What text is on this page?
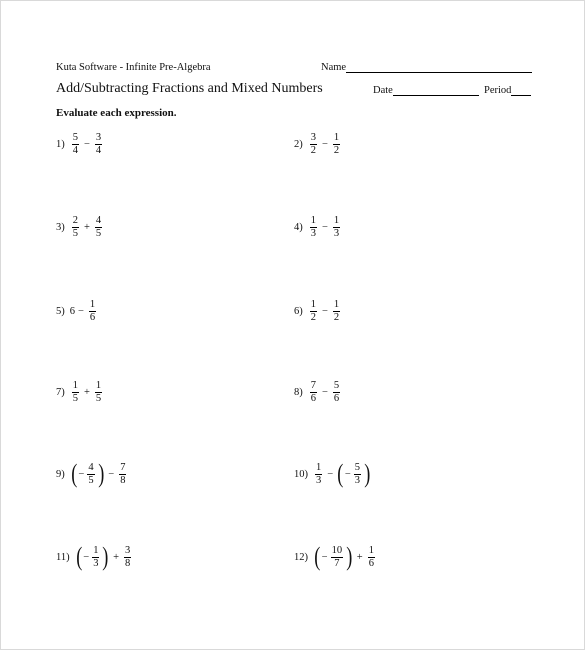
Kuta Software - Infinite Pre-Algebra	Name
Add/Subtracting Fractions and Mixed Numbers	Date	Period
Evaluate each expression.
$1) \frac{5}{4} - \frac{3}{4}$	$2) \frac{3}{2} - \frac{1}{2}$
$3) \frac{2}{5} + \frac{4}{5}$	$4) \frac{1}{3} - \frac{1}{3}$
5) $6 - \frac{1}{6}$	$6) \frac{1}{2} - \frac{1}{2}$
$7) \frac{1}{5} + \frac{1}{5}$	$8) \frac{7}{6} - \frac{5}{6}$
9) ( − $\frac{4}{5}$ ) − $\frac{7}{8}$	$10) \frac{1}{3}$ − ( − $\frac{5}{3}$ )
11) ( − $\frac{1}{3}$ ) + $\frac{3}{8}$	12) ( − $\frac{10}{7}$ ) + $\frac{1}{6}$
